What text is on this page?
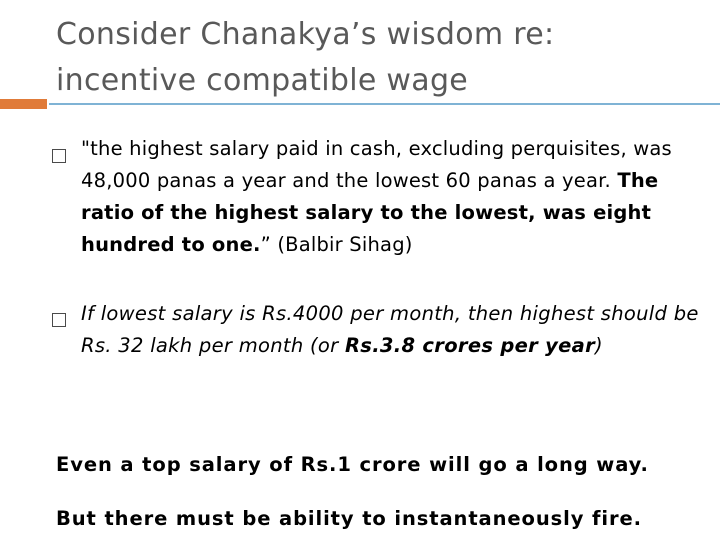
Consider Chanakya’s wisdom re:
incentive compatible wage
"the highest salary paid in cash, excluding perquisites, was 48,000 panas a year and the lowest 60 panas a year. The ratio of the highest salary to the lowest, was eight hundred to one.” (Balbir Sihag)
If lowest salary is Rs.4000 per month, then highest should be Rs. 32 lakh per month (or Rs.3.8 crores per year)
Even a top salary of Rs.1 crore will go a long way.
But there must be ability to instantaneously fire.
